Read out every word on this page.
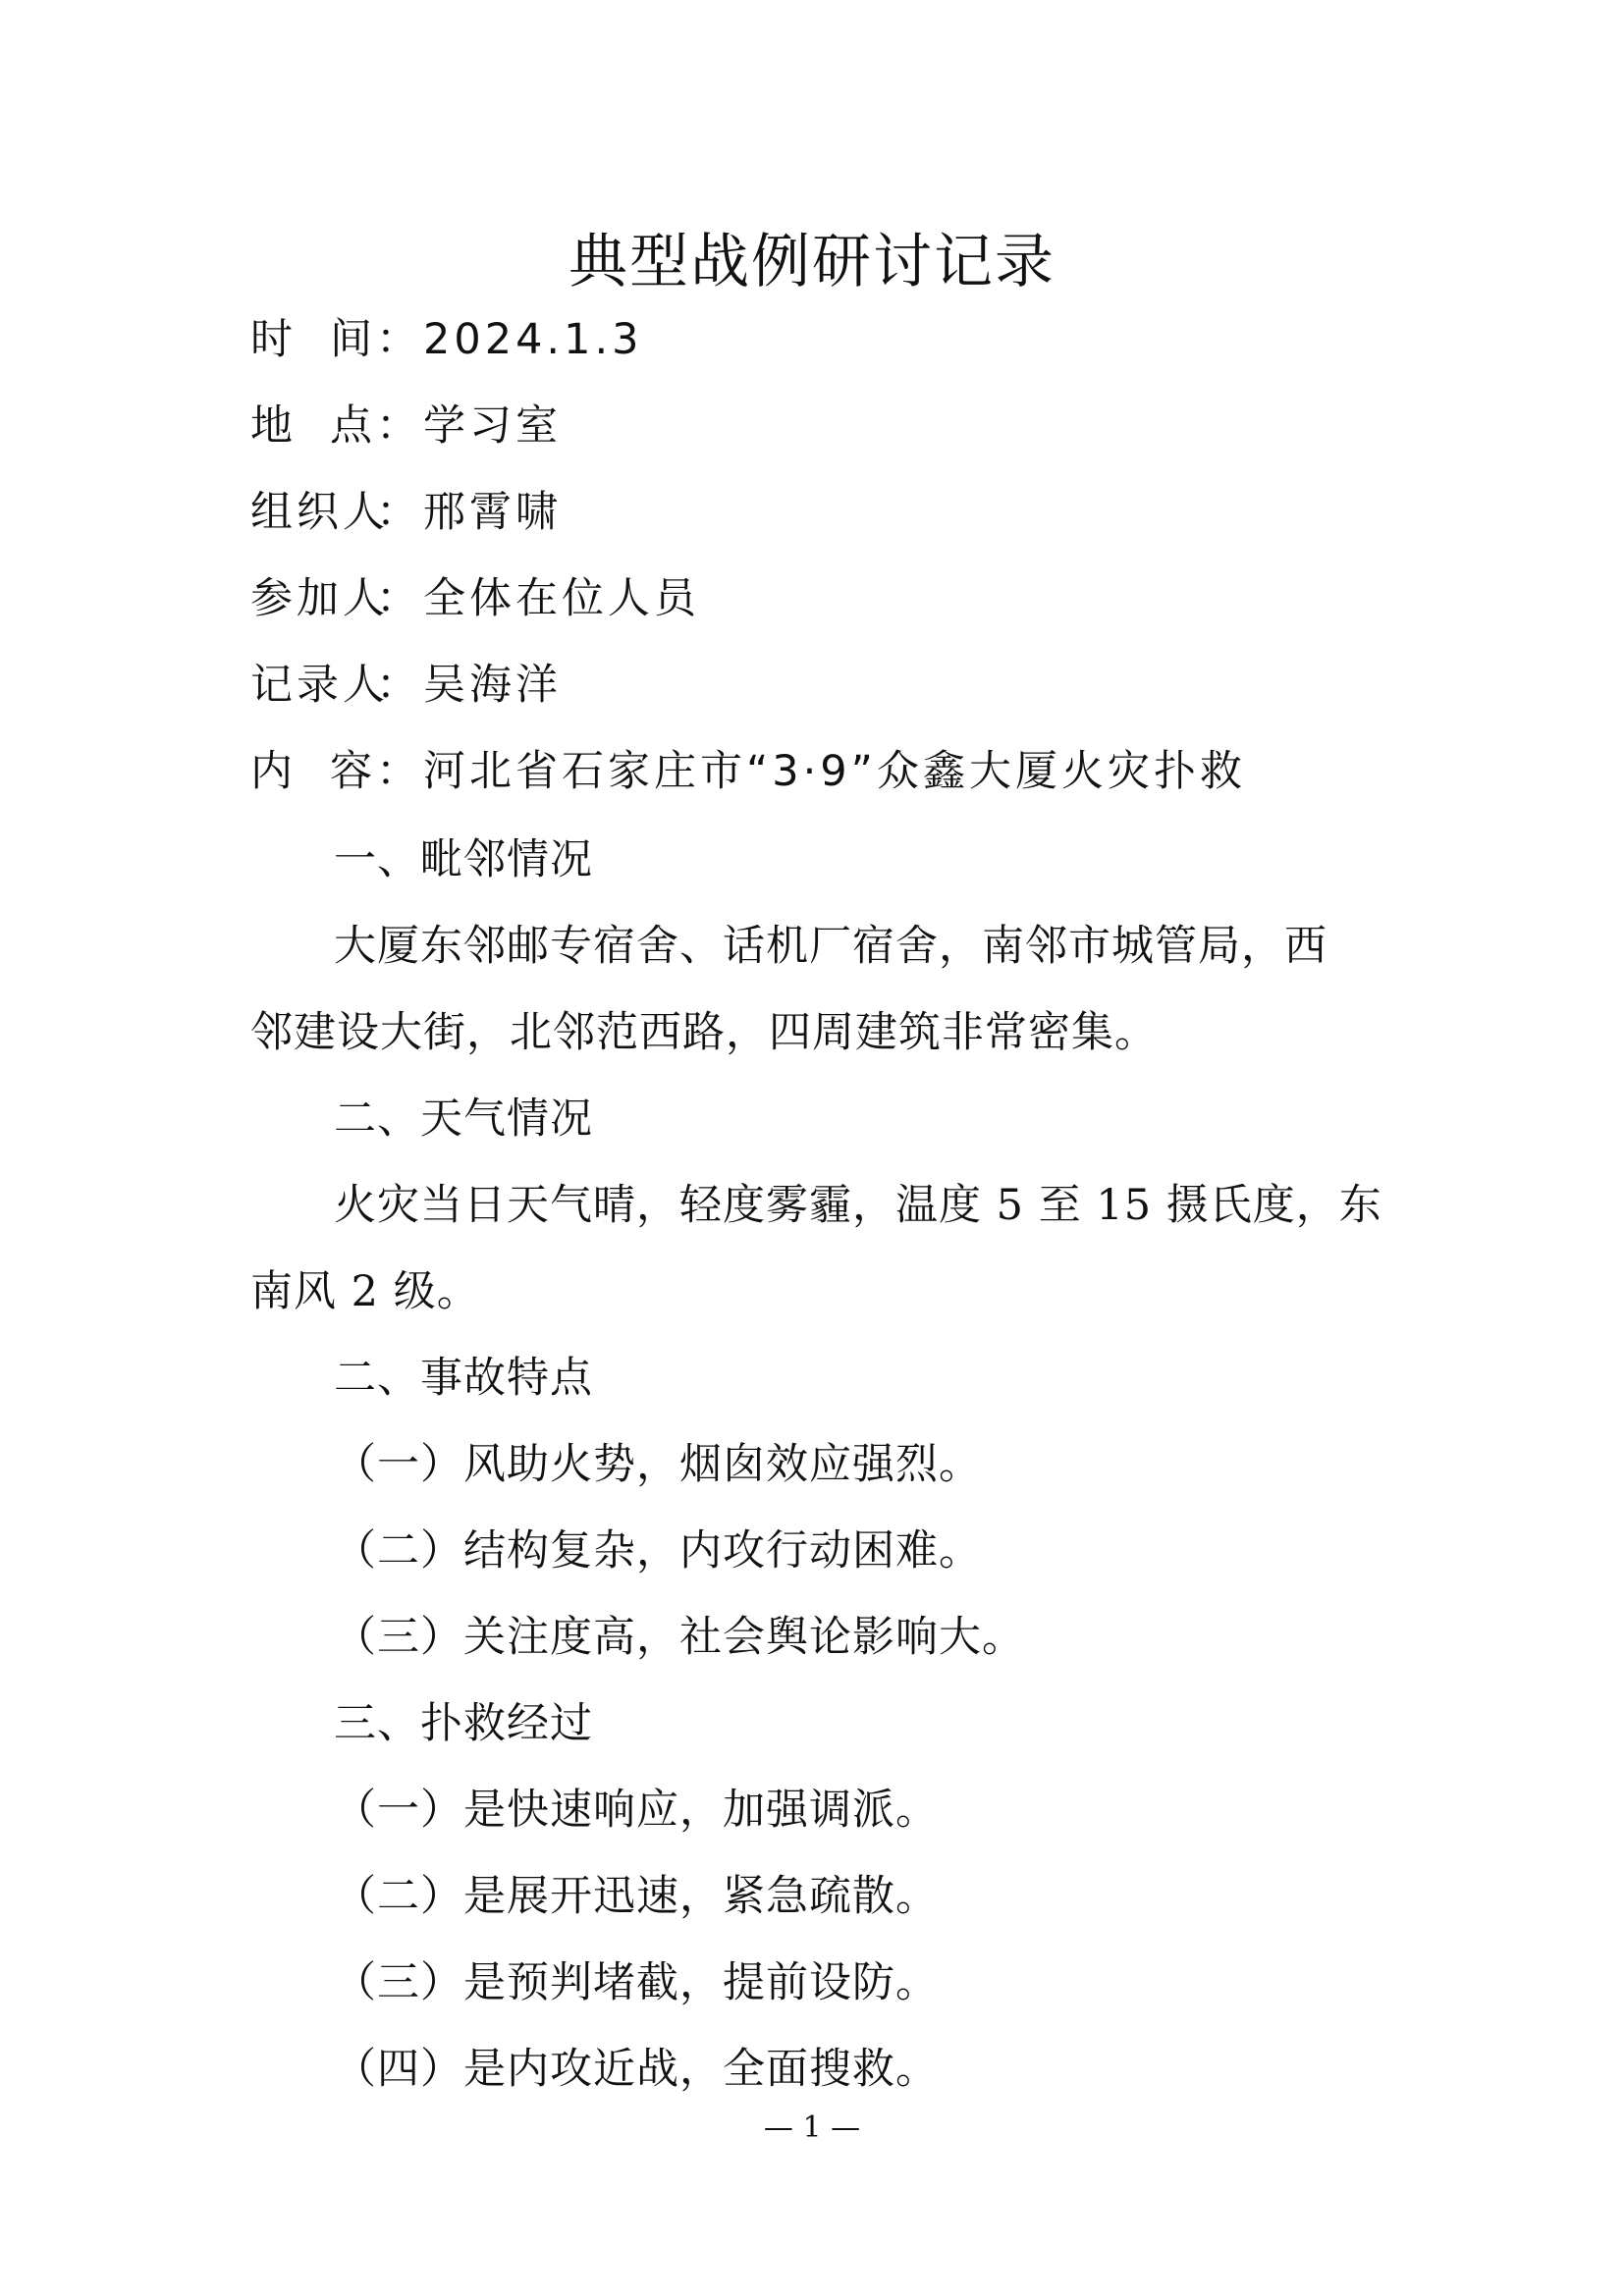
典型战例研讨记录
时 间：2024.1.3
地 点：学习室
组织人：邢霄啸
参加人：全体在位人员
记录人：吴海洋
内 容：河北省石家庄市“3·9”众鑫大厦火灾扑救
一、毗邻情况
大厦东邻邮专宿舍、话机厂宿舍，南邻市城管局，西
邻建设大街，北邻范西路，四周建筑非常密集。
二、天气情况
火灾当日天气晴，轻度雾霾，温度 5 至 15 摄氏度，东
南风 2 级。
二、事故特点
（一）风助火势，烟囱效应强烈。
（二）结构复杂，内攻行动困难。
（三）关注度高，社会舆论影响大。
三、扑救经过
（一）是快速响应，加强调派。
（二）是展开迅速，紧急疏散。
（三）是预判堵截，提前设防。
（四）是内攻近战，全面搜救。
— 1 —
